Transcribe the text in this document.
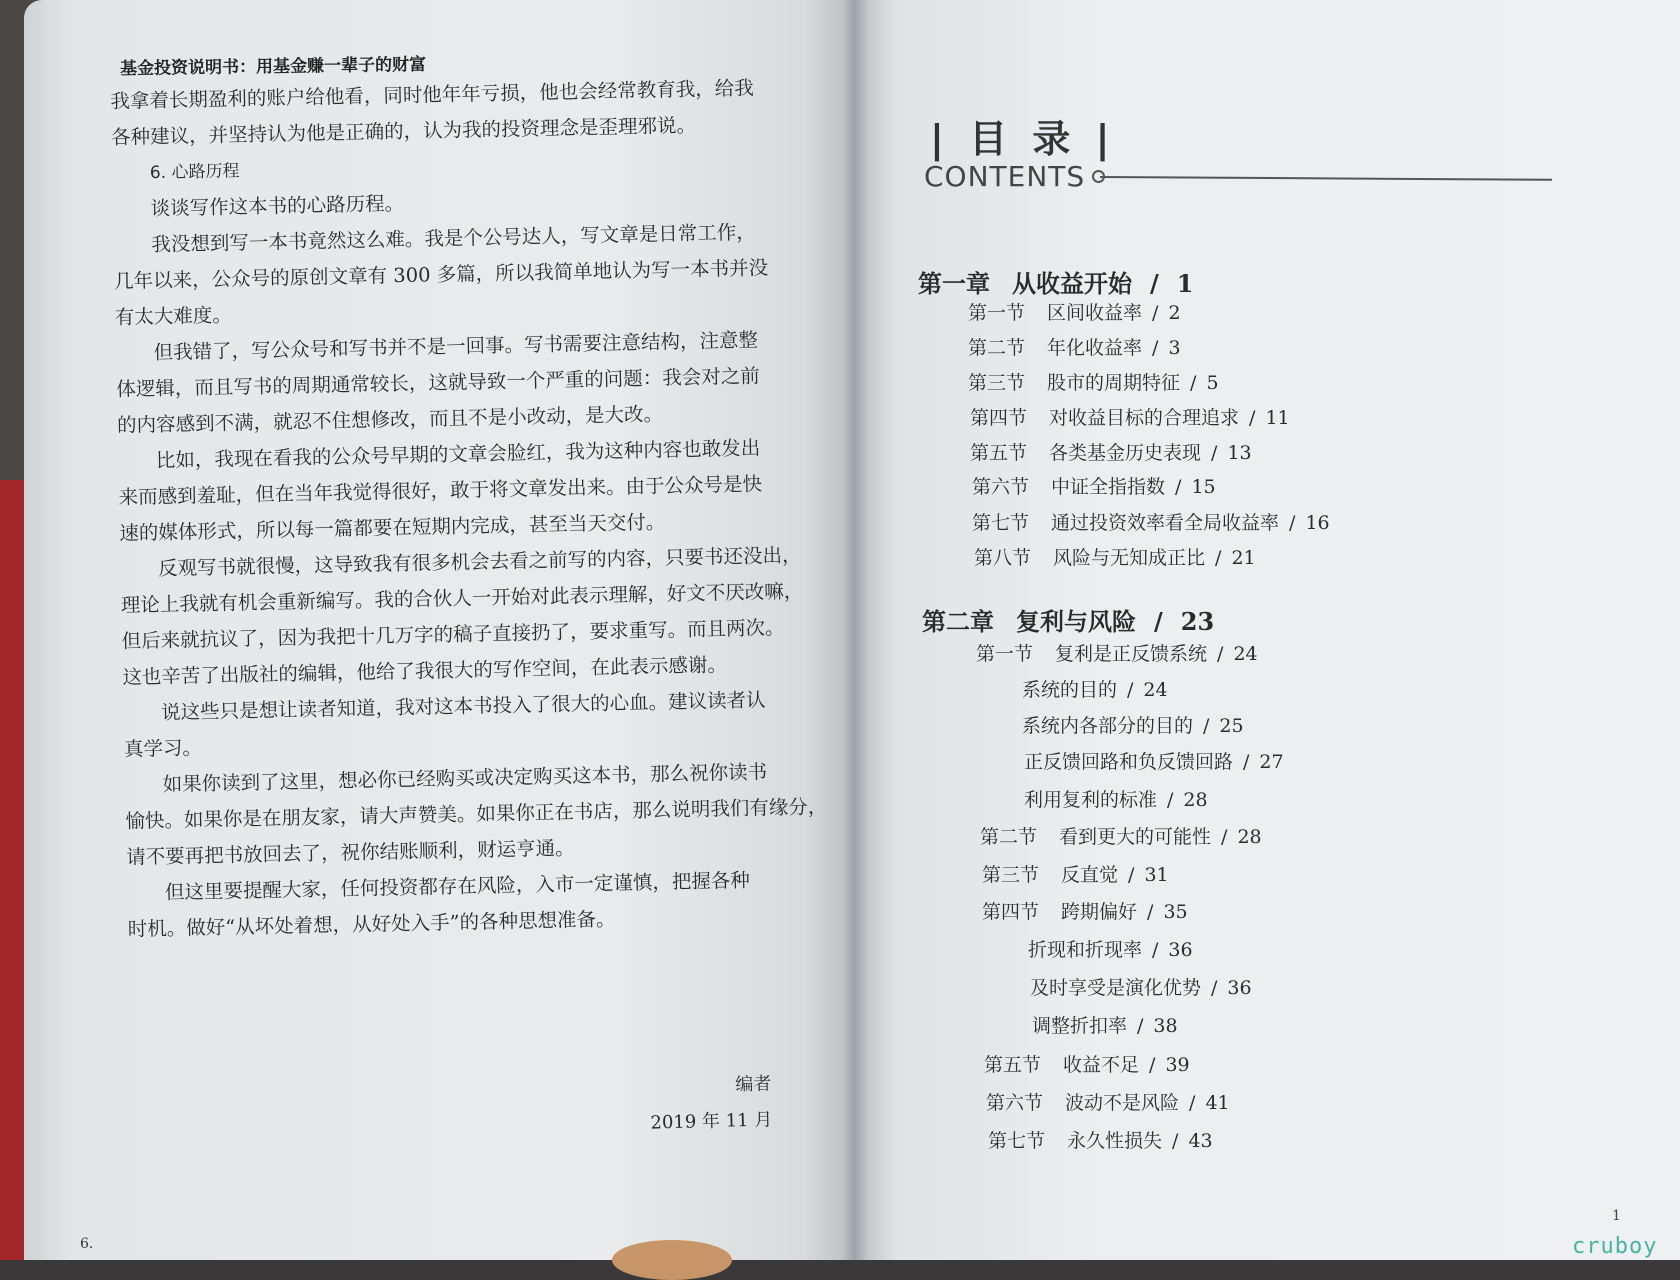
基金投资说明书：用基金赚一辈子的财富
我拿着长期盈利的账户给他看，同时他年年亏损，他也会经常教育我，给我
各种建议，并坚持认为他是正确的，认为我的投资理念是歪理邪说。
6. 心路历程
谈谈写作这本书的心路历程。
我没想到写一本书竟然这么难。我是个公号达人，写文章是日常工作，
几年以来，公众号的原创文章有 300 多篇，所以我简单地认为写一本书并没
有太大难度。
但我错了，写公众号和写书并不是一回事。写书需要注意结构，注意整
体逻辑，而且写书的周期通常较长，这就导致一个严重的问题：我会对之前
的内容感到不满，就忍不住想修改，而且不是小改动，是大改。
比如，我现在看我的公众号早期的文章会脸红，我为这种内容也敢发出
来而感到羞耻，但在当年我觉得很好，敢于将文章发出来。由于公众号是快
速的媒体形式，所以每一篇都要在短期内完成，甚至当天交付。
反观写书就很慢，这导致我有很多机会去看之前写的内容，只要书还没出，
理论上我就有机会重新编写。我的合伙人一开始对此表示理解，好文不厌改嘛，
但后来就抗议了，因为我把十几万字的稿子直接扔了，要求重写。而且两次。
这也辛苦了出版社的编辑，他给了我很大的写作空间，在此表示感谢。
说这些只是想让读者知道，我对这本书投入了很大的心血。建议读者认
真学习。
如果你读到了这里，想必你已经购买或决定购买这本书，那么祝你读书
愉快。如果你是在朋友家，请大声赞美。如果你正在书店，那么说明我们有缘分，
请不要再把书放回去了，祝你结账顺利，财运亨通。
但这里要提醒大家，任何投资都存在风险，入市一定谨慎，把握各种
时机。做好“从坏处着想，从好处入手”的各种思想准备。
编者
2019 年 11 月
6.
| 目 录 |
CONTENTS
第一章 从收益开始 / 1
第一节 区间收益率 / 2
第二节 年化收益率 / 3
第三节 股市的周期特征 / 5
第四节 对收益目标的合理追求 / 11
第五节 各类基金历史表现 / 13
第六节 中证全指指数 / 15
第七节 通过投资效率看全局收益率 / 16
第八节 风险与无知成正比 / 21
第二章 复利与风险 / 23
第一节 复利是正反馈系统 / 24
系统的目的 / 24
系统内各部分的目的 / 25
正反馈回路和负反馈回路 / 27
利用复利的标准 / 28
第二节 看到更大的可能性 / 28
第三节 反直觉 / 31
第四节 跨期偏好 / 35
折现和折现率 / 36
及时享受是演化优势 / 36
调整折扣率 / 38
第五节 收益不足 / 39
第六节 波动不是风险 / 41
第七节 永久性损失 / 43
1
cruboy
